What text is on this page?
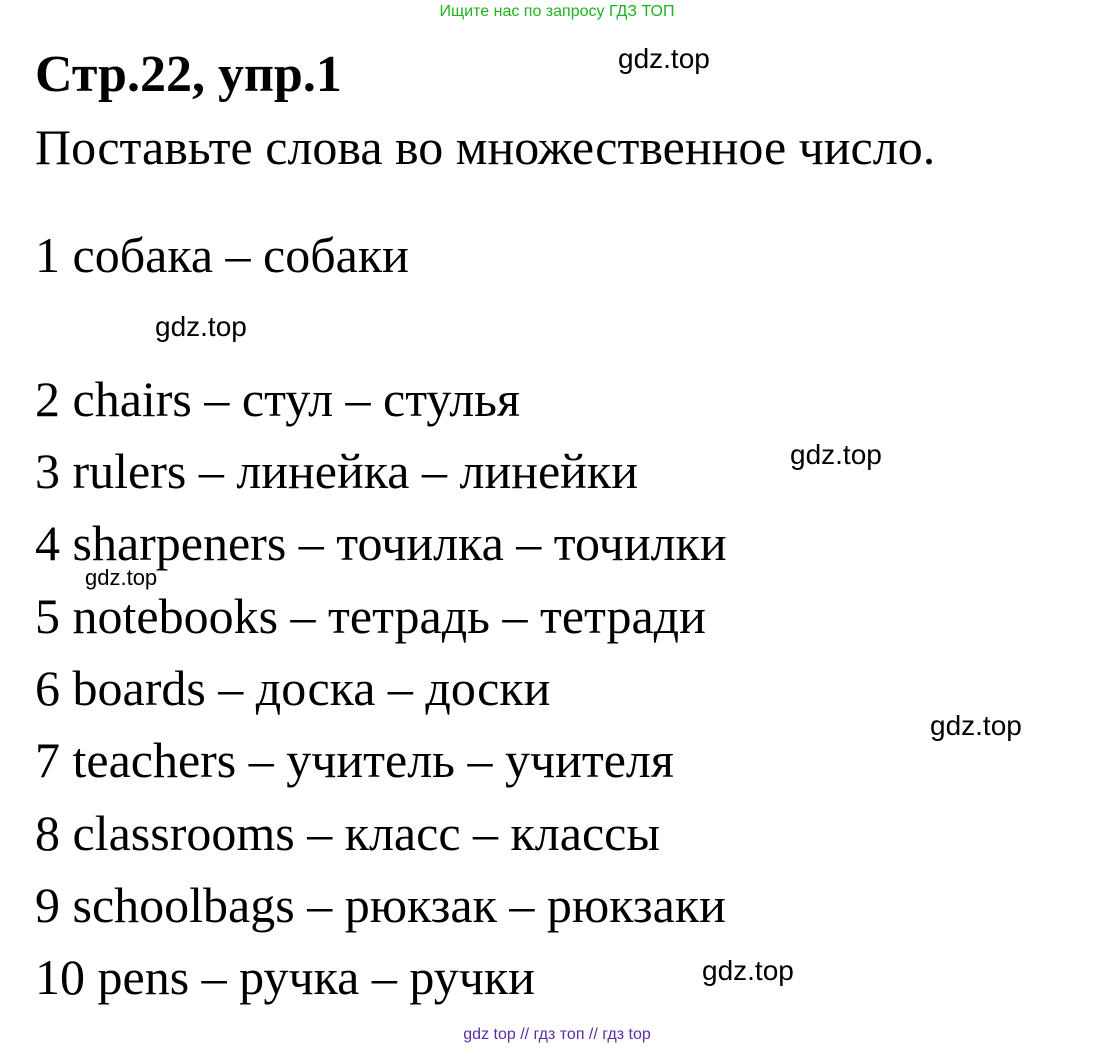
Ищите нас по запросу ГДЗ ТОП
Стр.22, упр.1	gdz.top
Поставьте слова во множественное число.
1 собака – собаки
gdz.top
2 chairs – стул – стулья
3 rulers – линейка – линейки	gdz.top
4 sharpeners – точилка – точилки
gdz.top
5 notebooks – тетрадь – тетради
6 boards – доска – доски
gdz.top
7 teachers – учитель – учителя
8 classrooms – класс – классы
9 schoolbags – рюкзак – рюкзаки
10 pens – ручка – ручки	gdz.top
gdz top // гдз топ // гдз top
